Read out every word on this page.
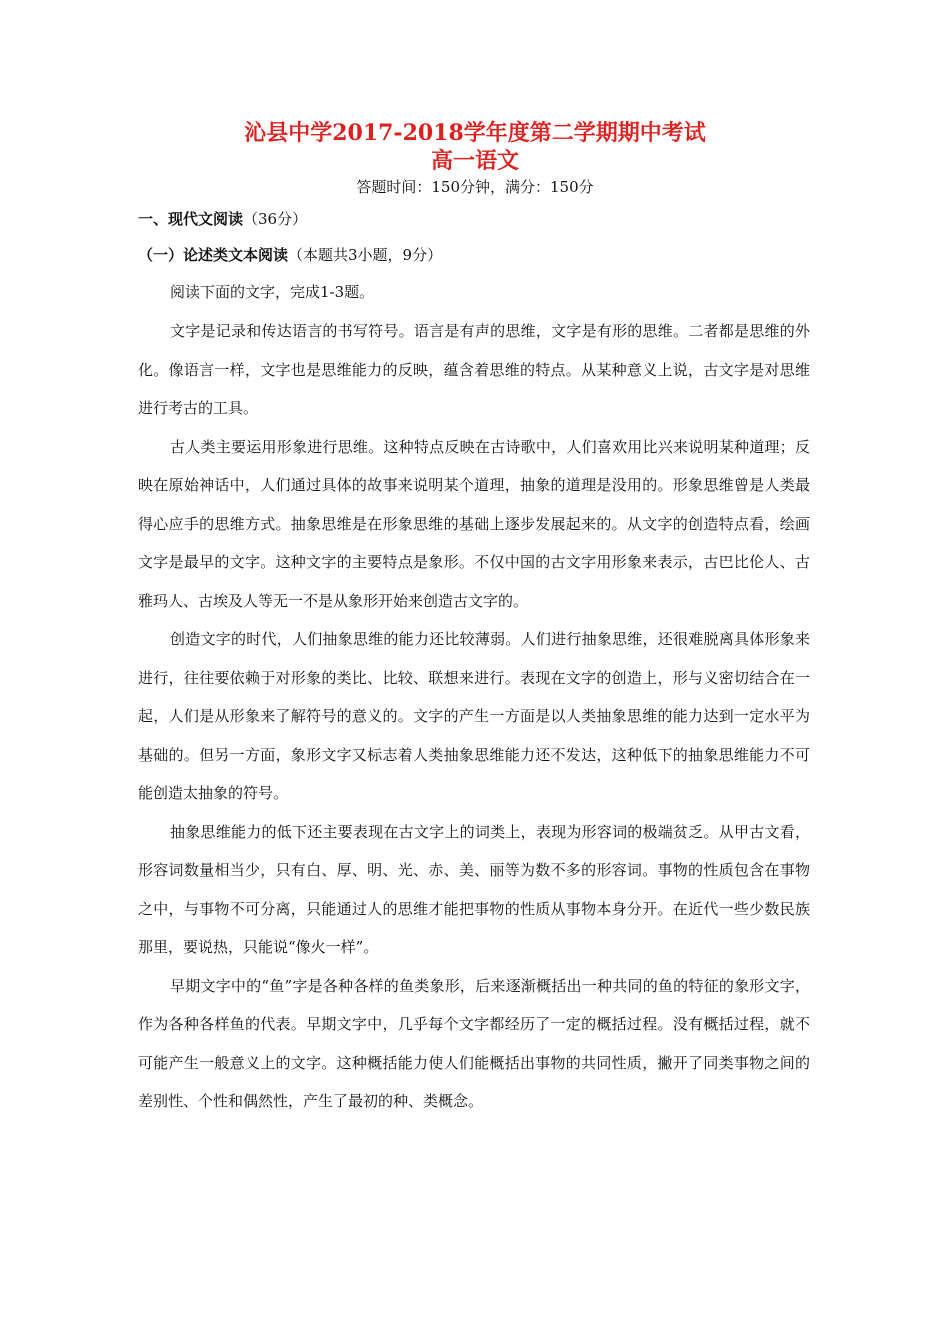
沁县中学2017-2018学年度第二学期期中考试
高一语文
答题时间：150分钟，满分：150分
一、现代文阅读（36分）
（一）论述类文本阅读（本题共3小题，9分）
阅读下面的文字，完成1-3题。

文字是记录和传达语言的书写符号。语言是有声的思维，文字是有形的思维。二者都是思维的外化。像语言一样，文字也是思维能力的反映，蕴含着思维的特点。从某种意义上说，古文字是对思维进行考古的工具。

古人类主要运用形象进行思维。这种特点反映在古诗歌中，人们喜欢用比兴来说明某种道理；反映在原始神话中，人们通过具体的故事来说明某个道理，抽象的道理是没用的。形象思维曾是人类最得心应手的思维方式。抽象思维是在形象思维的基础上逐步发展起来的。从文字的创造特点看，绘画文字是最早的文字。这种文字的主要特点是象形。不仅中国的古文字用形象来表示，古巴比伦人、古雅玛人、古埃及人等无一不是从象形开始来创造古文字的。

创造文字的时代，人们抽象思维的能力还比较薄弱。人们进行抽象思维，还很难脱离具体形象来进行，往往要依赖于对形象的类比、比较、联想来进行。表现在文字的创造上，形与义密切结合在一起，人们是从形象来了解符号的意义的。文字的产生一方面是以人类抽象思维的能力达到一定水平为基础的。但另一方面，象形文字又标志着人类抽象思维能力还不发达，这种低下的抽象思维能力不可能创造太抽象的符号。

抽象思维能力的低下还主要表现在古文字上的词类上，表现为形容词的极端贫乏。从甲古文看，形容词数量相当少，只有白、厚、明、光、赤、美、丽等为数不多的形容词。事物的性质包含在事物之中，与事物不可分离，只能通过人的思维才能把事物的性质从事物本身分开。在近代一些少数民族那里，要说热，只能说“像火一样”。

早期文字中的“鱼”字是各种各样的鱼类象形，后来逐渐概括出一种共同的鱼的特征的象形文字，作为各种各样鱼的代表。早期文字中，几乎每个文字都经历了一定的概括过程。没有概括过程，就不可能产生一般意义上的文字。这种概括能力使人们能概括出事物的共同性质，撇开了同类事物之间的差别性、个性和偶然性，产生了最初的种、类概念。
